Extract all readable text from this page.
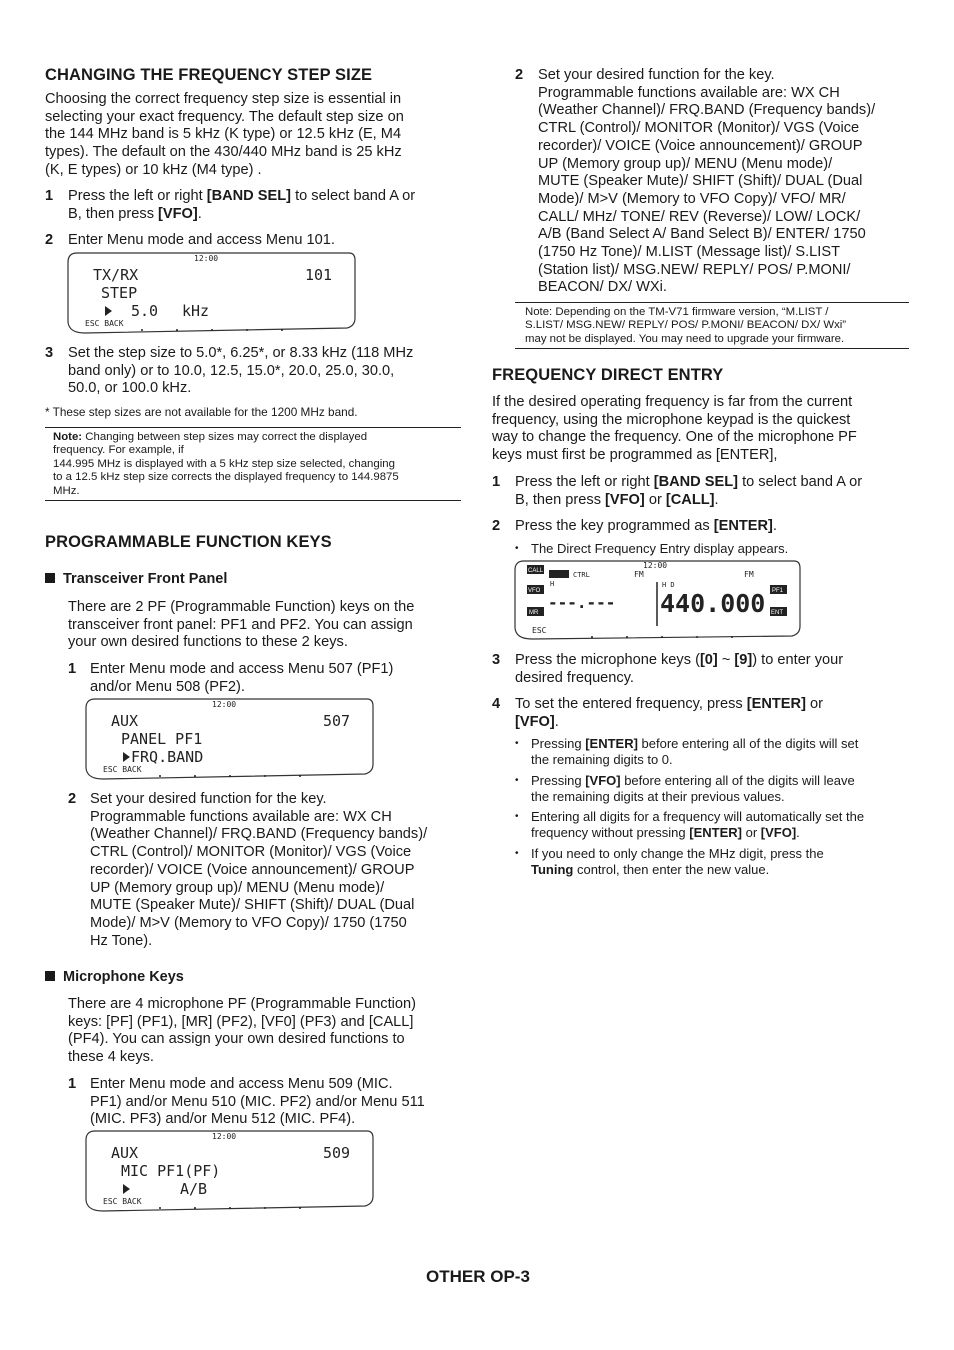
CHANGING THE FREQUENCY STEP SIZE
Choosing the correct frequency step size is essential in
selecting your exact frequency. The default step size on
the 144 MHz band is 5 kHz (K type) or 12.5 kHz (E, M4
types). The default on the 430/440 MHz band is 25 kHz
(K, E types) or 10 kHz (M4 type) .
1 Press the left or right [BAND SEL] to select band A or
B, then press [VFO].
2 Enter Menu mode and access Menu 101.
12:00
TX/RX	101
STEP
5.0 kHz
ESC BACK
3 Set the step size to 5.0*, 6.25*, or 8.33 kHz (118 MHz
band only) or to 10.0, 12.5, 15.0*, 20.0, 25.0, 30.0,
50.0, or 100.0 kHz.
* These step sizes are not available for the 1200 MHz band.
Note: Changing between step sizes may correct the displayed
frequency. For example, if
144.995 MHz is displayed with a 5 kHz step size selected, changing
to a 12.5 kHz step size corrects the displayed frequency to 144.9875
MHz.
PROGRAMMABLE FUNCTION KEYS
Transceiver Front Panel
There are 2 PF (Programmable Function) keys on the
transceiver front panel: PF1 and PF2. You can assign
your own desired functions to these 2 keys.
1 Enter Menu mode and access Menu 507 (PF1)
and/or Menu 508 (PF2).
12:00
AUX	507
PANEL PF1
FRQ.BAND
ESC BACK
2 Set your desired function for the key.
Programmable functions available are: WX CH
(Weather Channel)/ FRQ.BAND (Frequency bands)/
CTRL (Control)/ MONITOR (Monitor)/ VGS (Voice
recorder)/ VOICE (Voice announcement)/ GROUP
UP (Memory group up)/ MENU (Menu mode)/
MUTE (Speaker Mute)/ SHIFT (Shift)/ DUAL (Dual
Mode)/ M>V (Memory to VFO Copy)/ 1750 (1750
Hz Tone).
Microphone Keys
There are 4 microphone PF (Programmable Function)
keys: [PF] (PF1), [MR] (PF2), [VF0] (PF3) and [CALL]
(PF4). You can assign your own desired functions to
these 4 keys.
1 Enter Menu mode and access Menu 509 (MIC.
PF1) and/or Menu 510 (MIC. PF2) and/or Menu 511
(MIC. PF3) and/or Menu 512 (MIC. PF4).
12:00
AUX	509
MIC PF1(PF)
A/B
ESC BACK
2 Set your desired function for the key.
Programmable functions available are: WX CH
(Weather Channel)/ FRQ.BAND (Frequency bands)/
CTRL (Control)/ MONITOR (Monitor)/ VGS (Voice
recorder)/ VOICE (Voice announcement)/ GROUP
UP (Memory group up)/ MENU (Menu mode)/
MUTE (Speaker Mute)/ SHIFT (Shift)/ DUAL (Dual
Mode)/ M>V (Memory to VFO Copy)/ VFO/ MR/
CALL/ MHz/ TONE/ REV (Reverse)/ LOW/ LOCK/
A/B (Band Select A/ Band Select B)/ ENTER/ 1750
(1750 Hz Tone)/ M.LIST (Message list)/ S.LIST
(Station list)/ MSG.NEW/ REPLY/ POS/ P.MONI/
BEACON/ DX/ WXi.
Note: Depending on the TM-V71 firmware version, “M.LIST /
S.LIST/ MSG.NEW/ REPLY/ POS/ P.MONI/ BEACON/ DX/ Wxi”
may not be displayed. You may need to upgrade your firmware.
FREQUENCY DIRECT ENTRY
If the desired operating frequency is far from the current
frequency, using the microphone keypad is the quickest
way to change the frequency. One of the microphone PF
keys must first be programmed as [ENTER],
1 Press the left or right [BAND SEL] to select band A or
B, then press [VFO] or [CALL].
2 Press the key programmed as [ENTER].
• The Direct Frequency Entry display appears.
12:00
CALL	CTRL	FM	FM
H	H D
VFO
MR
PF1
ENT
---.--- 440.000
ESC
3 Press the microphone keys ([0] ~ [9]) to enter your
desired frequency.
4 To set the entered frequency, press [ENTER] or
[VFO].
• Pressing [ENTER] before entering all of the digits will set
the remaining digits to 0.
• Pressing [VFO] before entering all of the digits will leave
the remaining digits at their previous values.
• Entering all digits for a frequency will automatically set the
frequency without pressing [ENTER] or [VFO].
• If you need to only change the MHz digit, press the
Tuning control, then enter the new value.
OTHER OP-3
